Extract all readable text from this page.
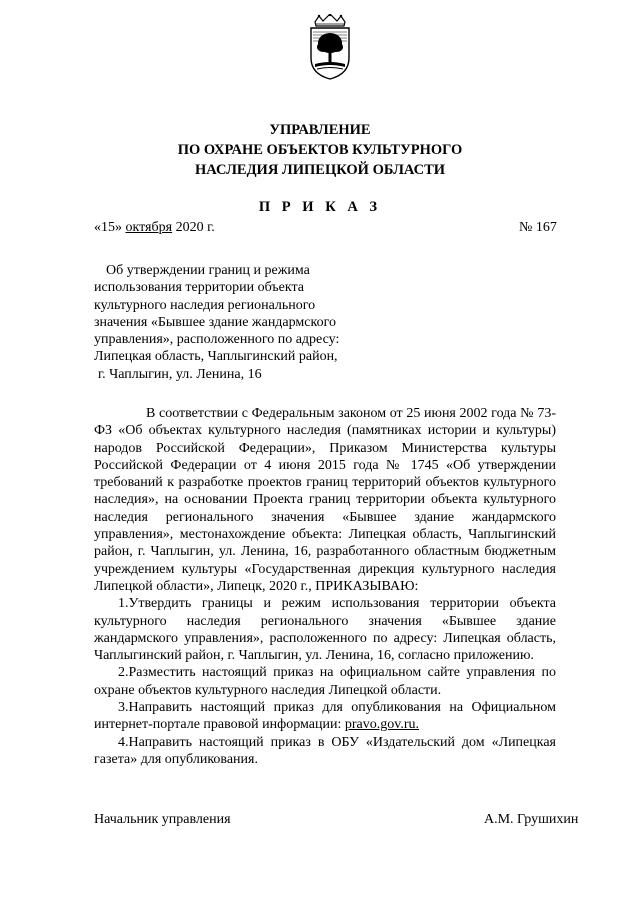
УПРАВЛЕНИЕ
ПО ОХРАНЕ ОБЪЕКТОВ КУЛЬТУРНОГО
НАСЛЕДИЯ ЛИПЕЦКОЙ ОБЛАСТИ
П Р И К А З
«15» октября 2020 г.	№ 167
Об утверждении границ и режима
использования территории объекта
культурного наследия регионального
значения «Бывшее здание жандармского
управления», расположенного по адресу:
Липецкая область, Чаплыгинский район,
г. Чаплыгин, ул. Ленина, 16

В соответствии с Федеральным законом от 25 июня 2002 года № 73-ФЗ «Об объектах культурного наследия (памятниках истории и культуры) народов Российской Федерации», Приказом Министерства культуры Российской Федерации от 4 июня 2015 года № 1745 «Об утверждении требований к разработке проектов границ территорий объектов культурного наследия», на основании Проекта границ территории объекта культурного наследия регионального значения «Бывшее здание жандармского управления», местонахождение объекта: Липецкая область, Чаплыгинский район, г. Чаплыгин, ул. Ленина, 16, разработанного областным бюджетным учреждением культуры «Государственная дирекция культурного наследия Липецкой области», Липецк, 2020 г., ПРИКАЗЫВАЮ:

1.Утвердить границы и режим использования территории объекта культурного наследия регионального значения «Бывшее здание жандармского управления», расположенного по адресу: Липецкая область, Чаплыгинский район, г. Чаплыгин, ул. Ленина, 16, согласно приложению.

2.Разместить настоящий приказ на официальном сайте управления по охране объектов культурного наследия Липецкой области.

3.Направить настоящий приказ для опубликования на Официальном интернет-портале правовой информации: pravo.gov.ru.

4.Направить настоящий приказ в ОБУ «Издательский дом «Липецкая газета» для опубликования.

Начальник управления	А.М. Грушихин
